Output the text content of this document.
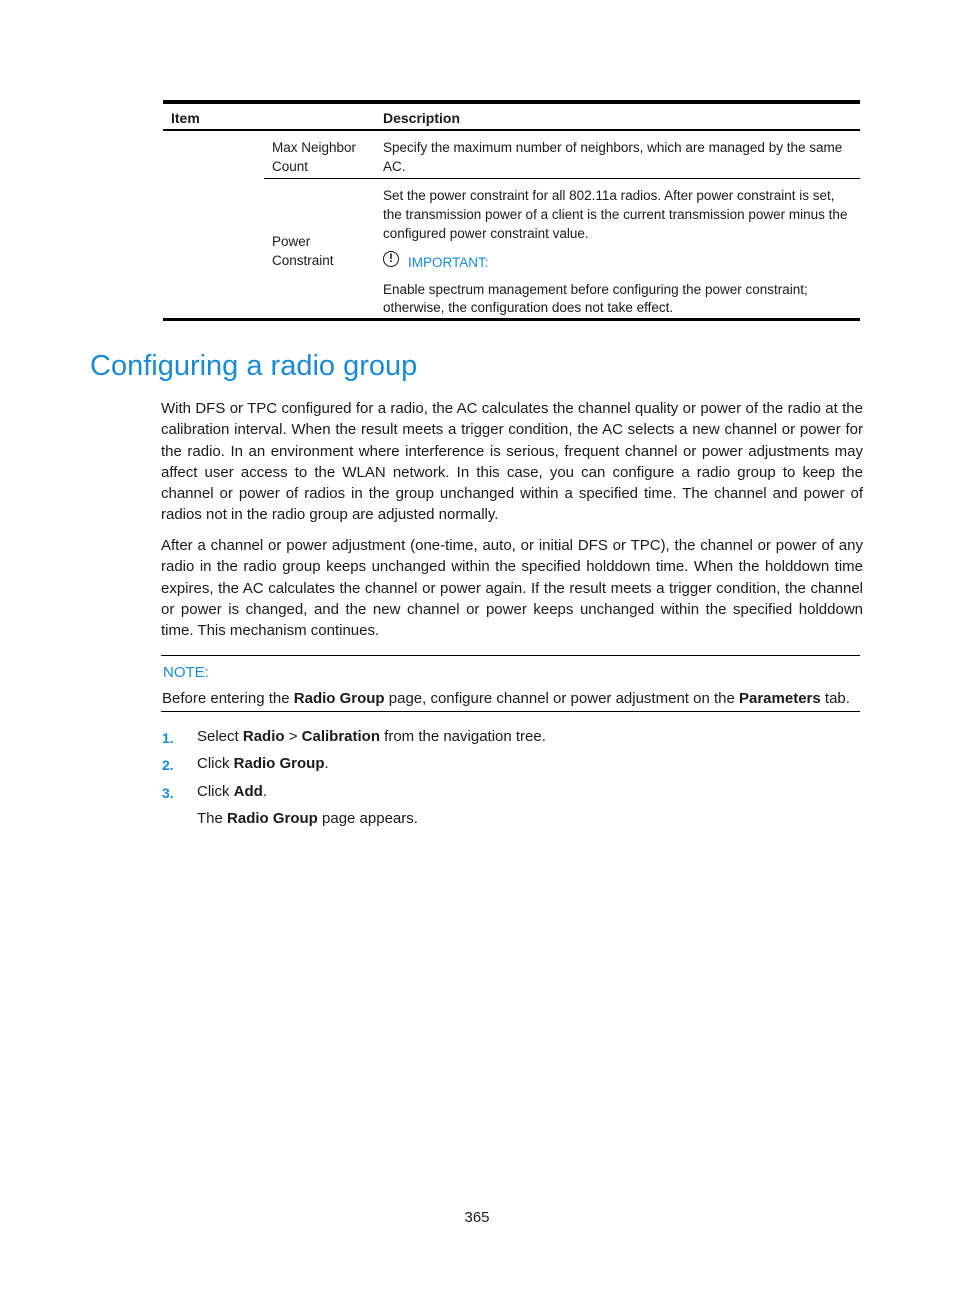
Item	Description
Max Neighbor
Count
Specify the maximum number of neighbors, which are managed by the same
AC.
Power
Constraint
Set the power constraint for all 802.11a radios. After power constraint is set,
the transmission power of a client is the current transmission power minus the
configured power constraint value.
!	IMPORTANT:
Enable spectrum management before configuring the power constraint;
otherwise, the configuration does not take effect.
Configuring a radio group

With DFS or TPC configured for a radio, the AC calculates the channel quality or power of the radio at the calibration interval. When the result meets a trigger condition, the AC selects a new channel or power for the radio. In an environment where interference is serious, frequent channel or power adjustments may affect user access to the WLAN network. In this case, you can configure a radio group to keep the channel or power of radios in the group unchanged within a specified time. The channel and power of radios not in the radio group are adjusted normally.

After a channel or power adjustment (one-time, auto, or initial DFS or TPC), the channel or power of any radio in the radio group keeps unchanged within the specified holddown time. When the holddown time expires, the AC calculates the channel or power again. If the result meets a trigger condition, the channel or power is changed, and the new channel or power keeps unchanged within the specified holddown time. This mechanism continues.

NOTE:
Before entering the Radio Group page, configure channel or power adjustment on the Parameters tab.
1. Select Radio > Calibration from the navigation tree.
2. Click Radio Group.
3. Click Add.
The Radio Group page appears.
365
